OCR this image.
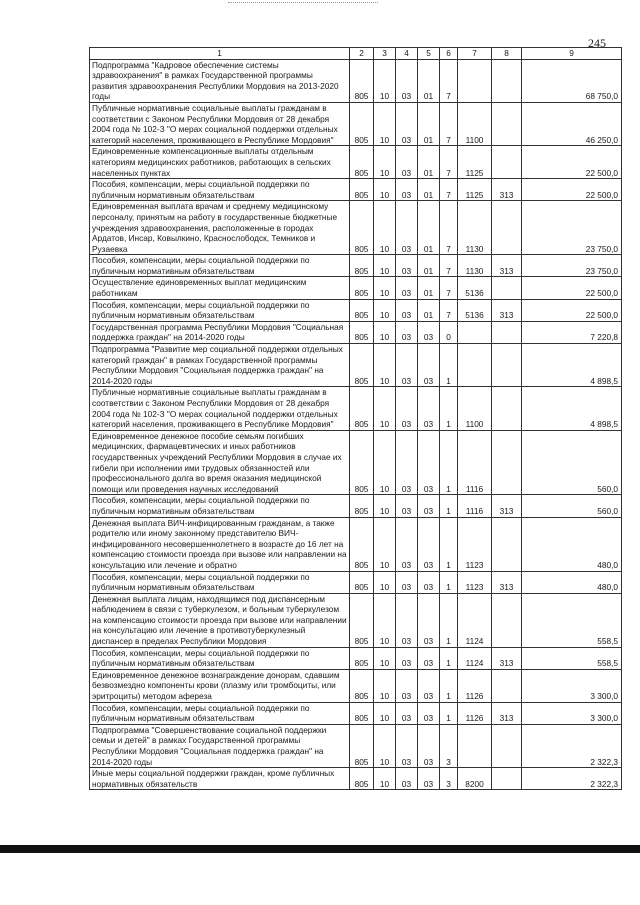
245
1	2	3	4	5	6	7	8	9
Подпрограмма "Кадровое обеспечение системы здравоохранения" в рамках Государственной программы развития здравоохранения Республики Мордовия на 2013-2020 годы	805	10	03	01	7			68 750,0
Публичные нормативные социальные выплаты гражданам в соответствии с Законом Республики Мордовия от 28 декабря 2004 года № 102-З "О мерах социальной поддержки отдельных категорий населения, проживающего в Республике Мордовия"	805	10	03	01	7	1100		46 250,0
Единовременные компенсационные выплаты отдельным категориям медицинских работников, работающих в сельских населенных пунктах	805	10	03	01	7	1125		22 500,0
Пособия, компенсации, меры социальной поддержки по публичным нормативным обязательствам	805	10	03	01	7	1125	313	22 500,0
Единовременная выплата врачам и среднему медицинскому персоналу, принятым на работу в государственные бюджетные учреждения здравоохранения, расположенные в городах Ардатов, Инсар, Ковылкино, Краснослободск, Темников и Рузаевка	805	10	03	01	7	1130		23 750,0
Пособия, компенсации, меры социальной поддержки по публичным нормативным обязательствам	805	10	03	01	7	1130	313	23 750,0
Осуществление единовременных выплат медицинским работникам	805	10	03	01	7	5136		22 500,0
Пособия, компенсации, меры социальной поддержки по публичным нормативным обязательствам	805	10	03	01	7	5136	313	22 500,0
Государственная программа Республики Мордовия "Социальная поддержка граждан" на 2014-2020 годы	805	10	03	03	0			7 220,8
Подпрограмма "Развитие мер социальной поддержки отдельных категорий граждан" в рамках Государственной программы Республики Мордовия "Социальная поддержка граждан" на 2014-2020 годы	805	10	03	03	1			4 898,5
Публичные нормативные социальные выплаты гражданам в соответствии с Законом Республики Мордовия от 28 декабря 2004 года № 102-З "О мерах социальной поддержки отдельных категорий населения, проживающего в Республике Мордовия"	805	10	03	03	1	1100		4 898,5
Единовременное денежное пособие семьям погибших медицинских, фармацевтических и иных работников государственных учреждений Республики Мордовия в случае их гибели при исполнении ими трудовых обязанностей или профессионального долга во время оказания медицинской помощи или проведения научных исследований	805	10	03	03	1	1116		560,0
Пособия, компенсации, меры социальной поддержки по публичным нормативным обязательствам	805	10	03	03	1	1116	313	560,0
Денежная выплата ВИЧ-инфицированным гражданам, а также родителю или иному законному представителю ВИЧ-инфицированного несовершеннолетнего в возрасте до 16 лет на компенсацию стоимости проезда при вызове или направлении на консультацию или лечение и обратно	805	10	03	03	1	1123		480,0
Пособия, компенсации, меры социальной поддержки по публичным нормативным обязательствам	805	10	03	03	1	1123	313	480,0
Денежная выплата лицам, находящимся под диспансерным наблюдением в связи с туберкулезом, и больным туберкулезом на компенсацию стоимости проезда при вызове или направлении на консультацию или лечение в противотуберкулезный диспансер в пределах Республики Мордовия	805	10	03	03	1	1124		558,5
Пособия, компенсации, меры социальной поддержки по публичным нормативным обязательствам	805	10	03	03	1	1124	313	558,5
Единовременное денежное вознаграждение донорам, сдавшим безвозмездно компоненты крови (плазму или тромбоциты, или эритроциты) методом афереза	805	10	03	03	1	1126		3 300,0
Пособия, компенсации, меры социальной поддержки по публичным нормативным обязательствам	805	10	03	03	1	1126	313	3 300,0
Подпрограмма "Совершенствование социальной поддержки семьи и детей" в рамках Государственной программы Республики Мордовия "Социальная поддержка граждан" на 2014-2020 годы	805	10	03	03	3			2 322,3
Иные меры социальной поддержки граждан, кроме публичных нормативных обязательств	805	10	03	03	3	8200		2 322,3
